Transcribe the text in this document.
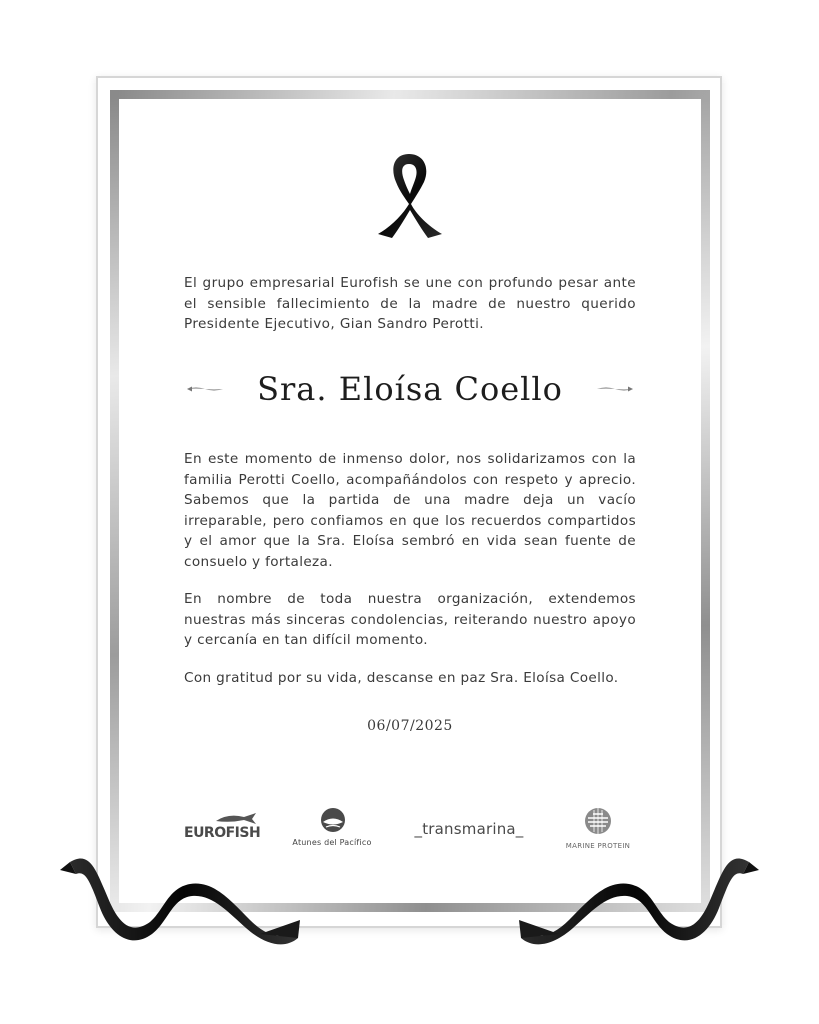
El grupo empresarial Eurofish se une con profundo pesar ante el sensible fallecimiento de la madre de nuestro querido Presidente Ejecutivo, Gian Sandro Perotti.

Sra. Eloísa Coello

En este momento de inmenso dolor, nos solidarizamos con la familia Perotti Coello, acompañándolos con respeto y aprecio. Sabemos que la partida de una madre deja un vacío irreparable, pero confiamos en que los recuerdos compartidos y el amor que la Sra. Eloísa sembró en vida sean fuente de consuelo y fortaleza.

En nombre de toda nuestra organización, extendemos nuestras más sinceras condolencias, reiterando nuestro apoyo y cercanía en tan difícil momento.

Con gratitud por su vida, descanse en paz Sra. Eloísa Coello.

06/07/2025
EUROFISH
Atunes del Pacífico
_transmarina_
MARINE PROTEIN
